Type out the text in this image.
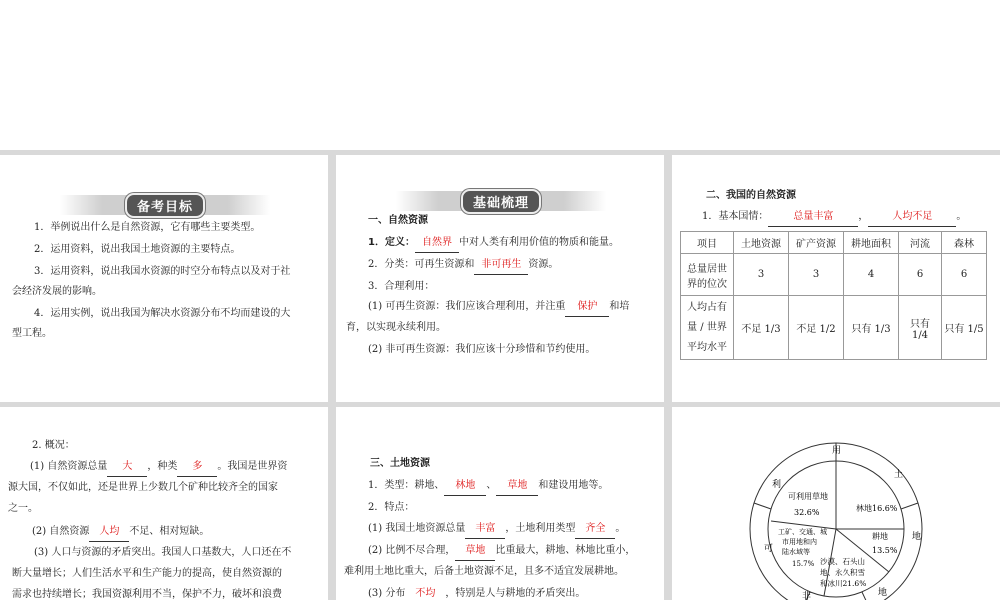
备考目标
1．举例说出什么是自然资源，它有哪些主要类型。
2．运用资料，说出我国土地资源的主要特点。
3．运用资料，说出我国水资源的时空分布特点以及对于社
会经济发展的影响。
4．运用实例，说出我国为解决水资源分布不均而建设的大
型工程。
基础梳理
一、自然资源
1．定义： 自然界 中对人类有利用价值的物质和能量。
2．分类：可再生资源和 非可再生 资源。
3．合理利用：
(1) 可再生资源：我们应该合理利用，并注重 保护 和培
育，以实现永续利用。
(2) 非可再生资源：我们应该十分珍惜和节约使用。
二、我国的自然资源
1．基本国情：	总量丰富	， 人均不足 。
项目	土地资源	矿产资源	耕地面积	河流	森林

总量居世
界的位次	3	3	4	6	6

人均占有
量 / 世界
平均水平	不足 1/3	不足 1/2	只有 1/3	只有 1/4	只有 1/5
2. 概况：
(1) 自然资源总量 大 ，种类 多 。我国是世界资
源大国，不仅如此，还是世界上少数几个矿种比较齐全的国家
之一。
(2) 自然资源 人均 不足、相对短缺。
(3) 人口与资源的矛盾突出。我国人口基数大，人口还在不
断大量增长；人们生活水平和生产能力的提高，使自然资源的
需求也持续增长；我国资源利用不当，保护不力，破坏和浪费
三、土地资源
1．类型：耕地、 林地 、 草地 和建设用地等。
2．特点：
(1) 我国土地资源总量 丰富 ，土地利用类型 齐全 。
(2) 比例不尽合理， 草地 比重最大，耕地、林地比重小，
难利用土地比重大，后备土地资源不足，且多不适宜发展耕地。
(3) 分布 不均 ，特别是人与耕地的矛盾突出。
用
土
地
利
可
非	地
可利用草地
32.6%	林地16.6%
耕地
13.5%
工矿、交通、城
市用地和内
陆水域等
15.7% 沙漠、石头山
地、永久积雪
和冰川21.6%
